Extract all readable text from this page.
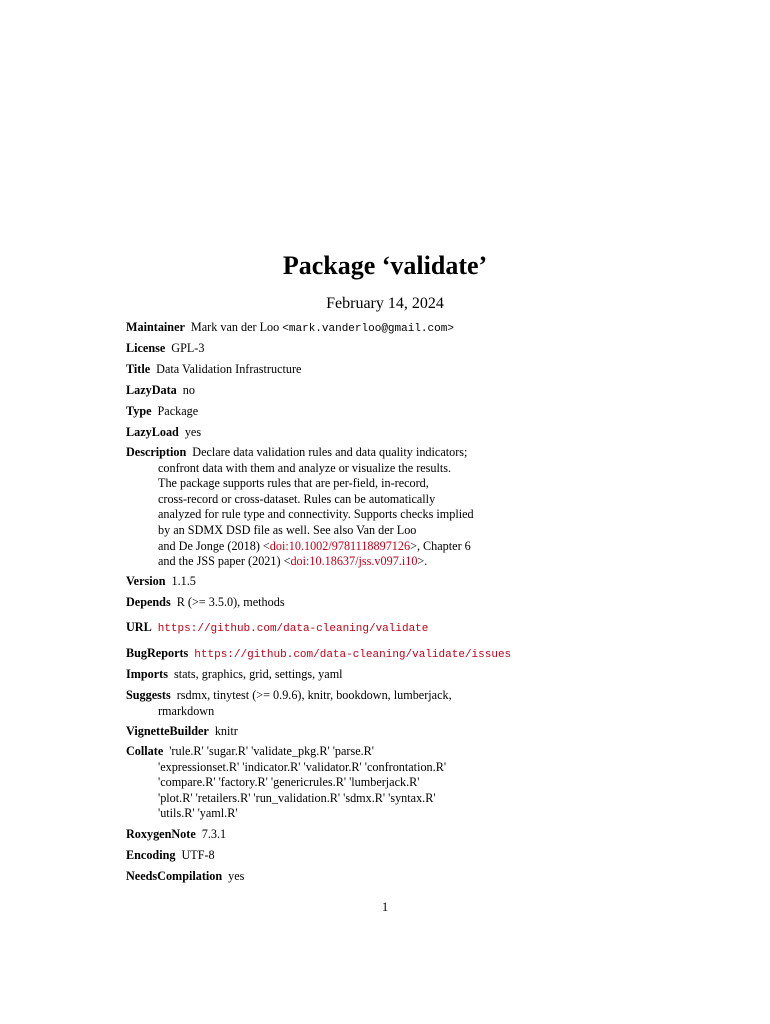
Package ‘validate’
February 14, 2024
Maintainer Mark van der Loo <mark.vanderloo@gmail.com>
License GPL-3
Title Data Validation Infrastructure
LazyData no
Type Package
LazyLoad yes
Description Declare data validation rules and data quality indicators;
confront data with them and analyze or visualize the results.
The package supports rules that are per-field, in-record,
cross-record or cross-dataset. Rules can be automatically
analyzed for rule type and connectivity. Supports checks implied
by an SDMX DSD file as well. See also Van der Loo
and De Jonge (2018) <doi:10.1002/9781118897126>, Chapter 6
and the JSS paper (2021) <doi:10.18637/jss.v097.i10>.
Version 1.1.5
Depends R (>= 3.5.0), methods
URL https://github.com/data-cleaning/validate
BugReports https://github.com/data-cleaning/validate/issues
Imports stats, graphics, grid, settings, yaml
Suggests rsdmx, tinytest (>= 0.9.6), knitr, bookdown, lumberjack,
rmarkdown
VignetteBuilder knitr
Collate 'rule.R' 'sugar.R' 'validate_pkg.R' 'parse.R'
'expressionset.R' 'indicator.R' 'validator.R' 'confrontation.R'
'compare.R' 'factory.R' 'genericrules.R' 'lumberjack.R'
'plot.R' 'retailers.R' 'run_validation.R' 'sdmx.R' 'syntax.R'
'utils.R' 'yaml.R'
RoxygenNote 7.3.1
Encoding UTF-8
NeedsCompilation yes
1
